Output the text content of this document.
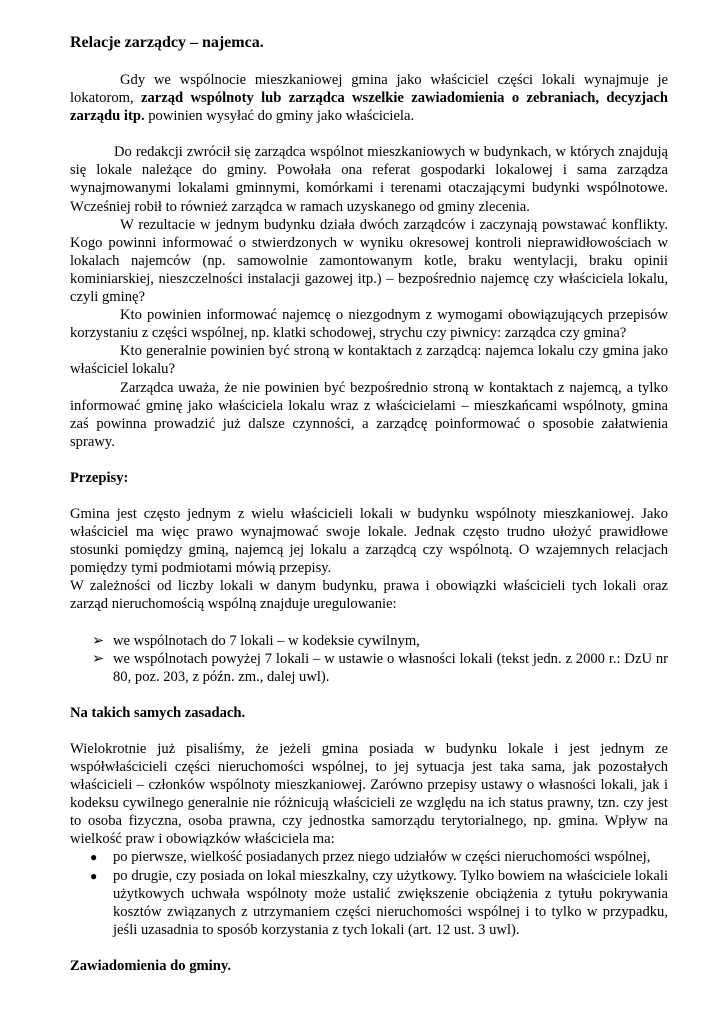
Relacje zarządcy – najemca.

Gdy we wspólnocie mieszkaniowej gmina jako właściciel części lokali wynajmuje je lokatorom, zarząd wspólnoty lub zarządca wszelkie zawiadomienia o zebraniach, decyzjach zarządu itp. powinien wysyłać do gminy jako właściciela.

Do redakcji zwrócił się zarządca wspólnot mieszkaniowych w budynkach, w których znajdują się lokale należące do gminy. Powołała ona referat gospodarki lokalowej i sama zarządza wynajmowanymi lokalami gminnymi, komórkami i terenami otaczającymi budynki wspólnotowe. Wcześniej robił to również zarządca w ramach uzyskanego od gminy zlecenia.

W rezultacie w jednym budynku działa dwóch zarządców i zaczynają powstawać konflikty. Kogo powinni informować o stwierdzonych w wyniku okresowej kontroli nieprawidłowościach w lokalach najemców (np. samowolnie zamontowanym kotle, braku wentylacji, braku opinii kominiarskiej, nieszczelności instalacji gazowej itp.) – bezpośrednio najemcę czy właściciela lokalu, czyli gminę?

Kto powinien informować najemcę o niezgodnym z wymogami obowiązujących przepisów korzystaniu z części wspólnej, np. klatki schodowej, strychu czy piwnicy: zarządca czy gmina?

Kto generalnie powinien być stroną w kontaktach z zarządcą: najemca lokalu czy gmina jako właściciel lokalu?

Zarządca uważa, że nie powinien być bezpośrednio stroną w kontaktach z najemcą, a tylko informować gminę jako właściciela lokalu wraz z właścicielami – mieszkańcami wspólnoty, gmina zaś powinna prowadzić już dalsze czynności, a zarządcę poinformować o sposobie załatwienia sprawy.

Przepisy:

Gmina jest często jednym z wielu właścicieli lokali w budynku wspólnoty mieszkaniowej. Jako właściciel ma więc prawo wynajmować swoje lokale. Jednak często trudno ułożyć prawidłowe stosunki pomiędzy gminą, najemcą jej lokalu a zarządcą czy wspólnotą. O wzajemnych relacjach pomiędzy tymi podmiotami mówią przepisy.

W zależności od liczby lokali w danym budynku, prawa i obowiązki właścicieli tych lokali oraz zarząd nieruchomością wspólną znajduje uregulowanie:

➢ we wspólnotach do 7 lokali – w kodeksie cywilnym,
➢ we wspólnotach powyżej 7 lokali – w ustawie o własności lokali (tekst jedn. z 2000 r.: DzU nr 80, poz. 203, z późn. zm., dalej uwl).

Na takich samych zasadach.

Wielokrotnie już pisaliśmy, że jeżeli gmina posiada w budynku lokale i jest jednym ze współwłaścicieli części nieruchomości wspólnej, to jej sytuacja jest taka sama, jak pozostałych właścicieli – członków wspólnoty mieszkaniowej. Zarówno przepisy ustawy o własności lokali, jak i kodeksu cywilnego generalnie nie różnicują właścicieli ze względu na ich status prawny, tzn. czy jest to osoba fizyczna, osoba prawna, czy jednostka samorządu terytorialnego, np. gmina. Wpływ na wielkość praw i obowiązków właściciela ma:

● po pierwsze, wielkość posiadanych przez niego udziałów w części nieruchomości wspólnej,
● po drugie, czy posiada on lokal mieszkalny, czy użytkowy. Tylko bowiem na właściciele lokali użytkowych uchwała wspólnoty może ustalić zwiększenie obciążenia z tytułu pokrywania kosztów związanych z utrzymaniem części nieruchomości wspólnej i to tylko w przypadku, jeśli uzasadnia to sposób korzystania z tych lokali (art. 12 ust. 3 uwl).

Zawiadomienia do gminy.
